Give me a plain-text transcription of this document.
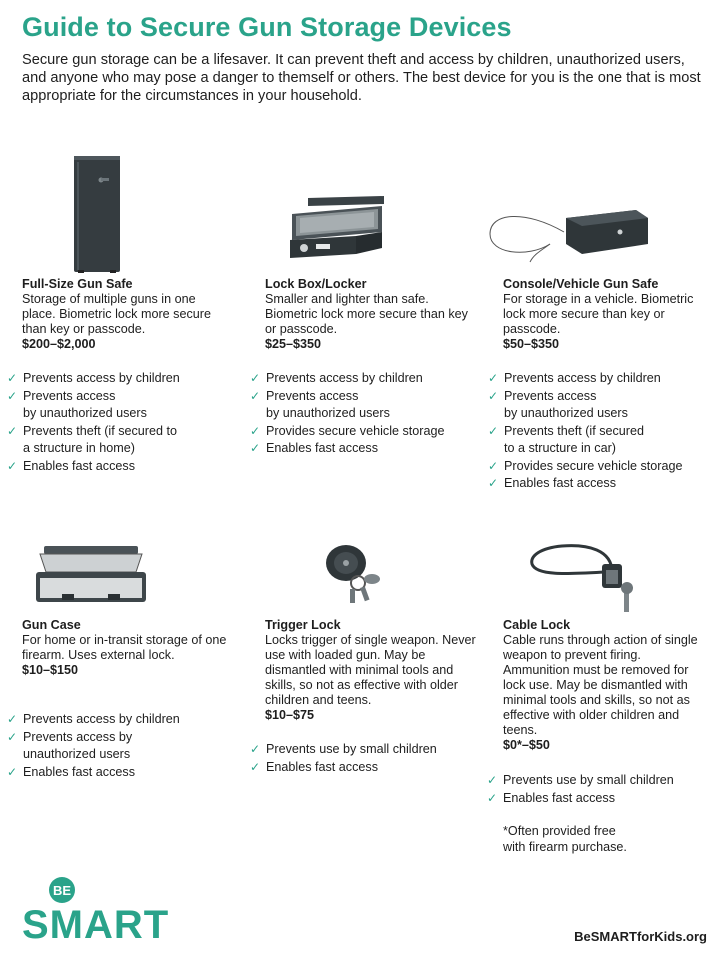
Guide to Secure Gun Storage Devices

Secure gun storage can be a lifesaver. It can prevent theft and access by children, unauthorized users, and anyone who may pose a danger to themself or others. The best device for you is the one that is most appropriate for the circumstances in your household.

Full-Size Gun Safe

Storage of multiple guns in one place. Biometric lock more secure than key or passcode.

$200–$2,000

✓ Prevents access by children
✓ Prevents access
by unauthorized users
✓ Prevents theft (if secured to
a structure in home)
✓ Enables fast access

Lock Box/Locker

Smaller and lighter than safe. Biometric lock more secure than key or passcode.

$25–$350

✓ Prevents access by children
✓ Prevents access
by unauthorized users
✓ Provides secure vehicle storage
✓ Enables fast access

Console/Vehicle Gun Safe

For storage in a vehicle. Biometric lock more secure than key or passcode.

$50–$350

✓ Prevents access by children
✓ Prevents access
by unauthorized users
✓ Prevents theft (if secured
to a structure in car)
✓ Provides secure vehicle storage
✓ Enables fast access

Gun Case

For home or in-transit storage of one firearm. Uses external lock.

$10–$150

✓ Prevents access by children
✓ Prevents access by
unauthorized users
✓ Enables fast access

Trigger Lock

Locks trigger of single weapon. Never use with loaded gun. May be dismantled with minimal tools and skills, so not as effective with older children and teens.

$10–$75

✓ Prevents use by small children
✓ Enables fast access

Cable Lock

Cable runs through action of single weapon to prevent firing. Ammunition must be removed for lock use. May be dismantled with minimal tools and skills, so not as effective with older children and teens.

$0*–$50

✓ Prevents use by small children
✓ Enables fast access

*Often provided free
with firearm purchase.

BE
SMART	BeSMARTforKids.org
